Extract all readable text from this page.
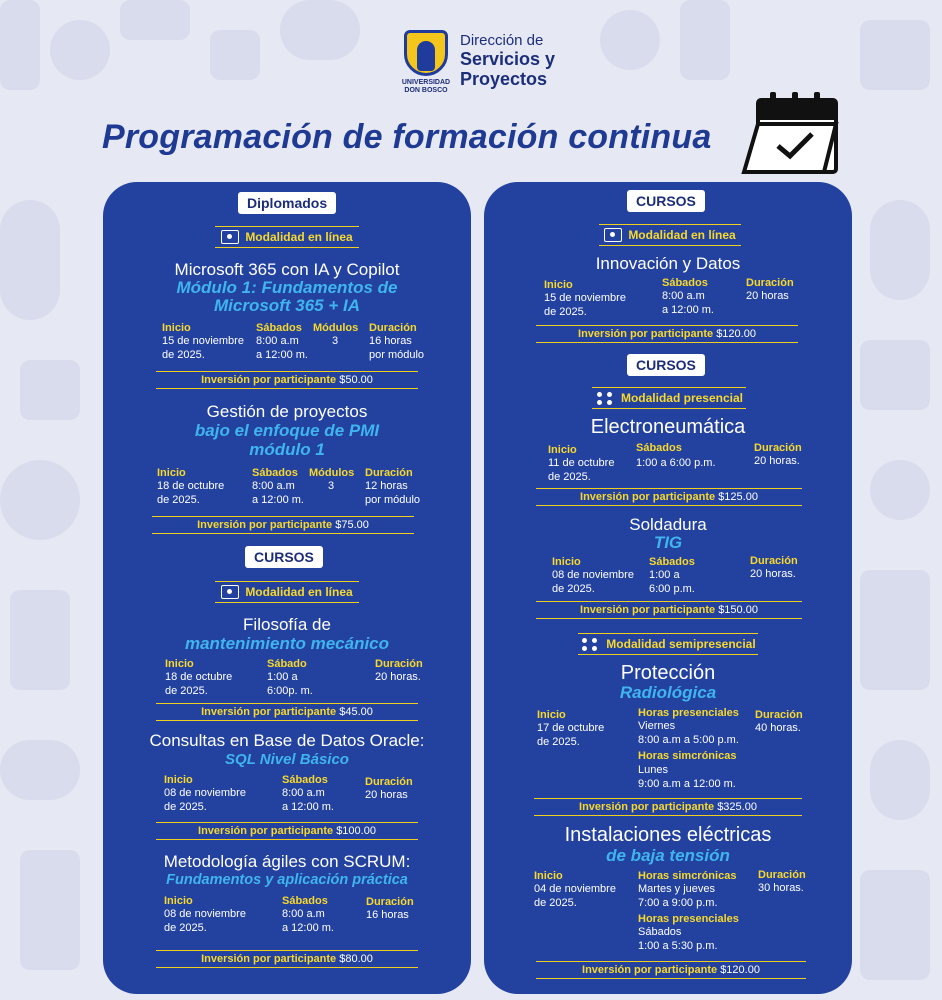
UNIVERSIDAD DON BOSCO
Dirección de
Servicios y
Proyectos
Programación de formación continua
Diplomados
Modalidad en línea
Microsoft 365 con IA y Copilot
Módulo 1: Fundamentos de
Microsoft 365 + IA
Inicio
15 de noviembre
de 2025.
Sábados
8:00 a.m
a 12:00 m.
Módulos
3
Duración
16 horas
por módulo
Inversión por participante $50.00
Gestión de proyectos
bajo el enfoque de PMI
módulo 1
Inicio
18 de octubre
de 2025.
Sábados
8:00 a.m
a 12:00 m.
Módulos
3
Duración
12 horas
por módulo
Inversión por participante $75.00
CURSOS
Modalidad en línea
Filosofía de
mantenimiento mecánico
Inicio
18 de octubre
de 2025.
Sábado
1:00 a
6:00p. m.
Duración
20 horas.
Inversión por participante $45.00
Consultas en Base de Datos Oracle:
SQL Nivel Básico
Inicio
08 de noviembre
de 2025.
Sábados
8:00 a.m
a 12:00 m.
Duración
20 horas
Inversión por participante $100.00
Metodología ágiles con SCRUM:
Fundamentos y aplicación práctica
Inicio
08 de noviembre
de 2025.
Sábados
8:00 a.m
a 12:00 m.
Duración
16 horas
Inversión por participante $80.00
CURSOS
Modalidad en línea
Innovación y Datos
Inicio
15 de noviembre
de 2025.
Sábados
8:00 a.m
a 12:00 m.
Duración
20 horas
Inversión por participante $120.00
CURSOS
Modalidad presencial
Electroneumática
Inicio
11 de octubre
de 2025.
Sábados
1:00 a 6:00 p.m.
Duración
20 horas.
Inversión por participante $125.00
Soldadura
TIG
Inicio
08 de noviembre
de 2025.
Sábados
1:00 a
6:00 p.m.
Duración
20 horas.
Inversión por participante $150.00
Modalidad semipresencial
Protección
Radiológica
Inicio
17 de octubre
de 2025.
Horas presenciales
Viernes
8:00 a.m a 5:00 p.m.
Horas simcrónicas
Lunes
9:00 a.m a 12:00 m.
Duración
40 horas.
Inversión por participante $325.00
Instalaciones eléctricas
de baja tensión
Inicio
04 de noviembre
de 2025.
Horas simcrónicas
Martes y jueves
7:00 a 9:00 p.m.
Horas presenciales
Sábados
1:00 a 5:30 p.m.
Duración
30 horas.
Inversión por participante $120.00
